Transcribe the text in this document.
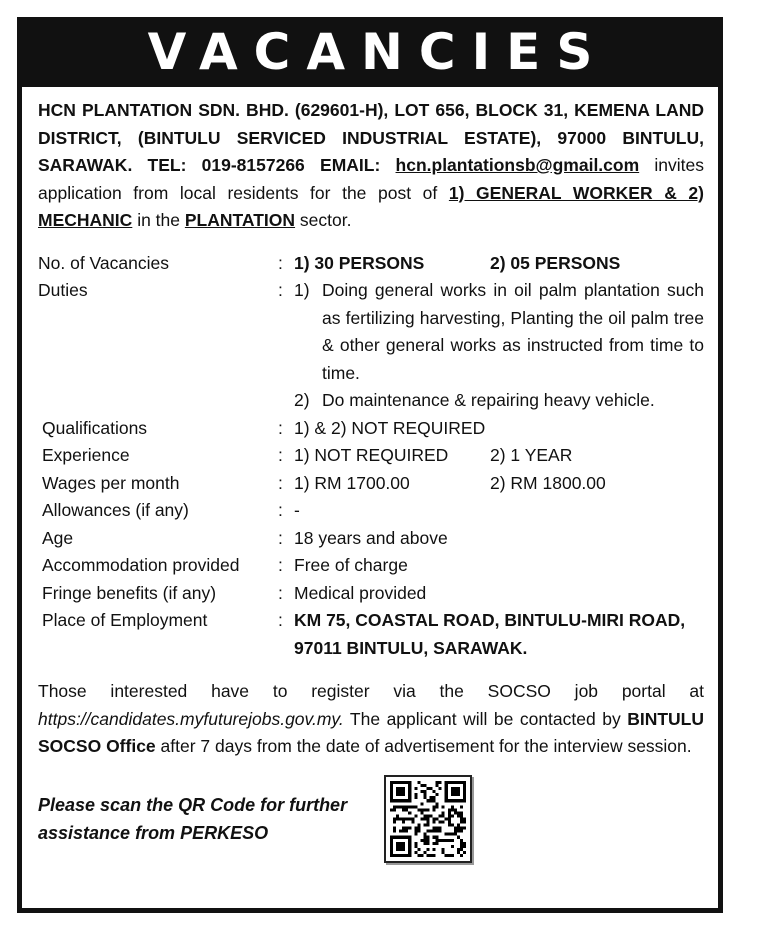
VACANCIES

HCN PLANTATION SDN. BHD. (629601-H), LOT 656, BLOCK 31, KEMENA LAND DISTRICT, (BINTULU SERVICED INDUSTRIAL ESTATE), 97000 BINTULU, SARAWAK. TEL: 019-8157266 EMAIL: hcn.plantationsb@gmail.com invites application from local residents for the post of 1) GENERAL WORKER & 2) MECHANIC in the PLANTATION sector.

No. of Vacancies	: 1) 30 PERSONS	2) 05 PERSONS
Duties	: 1) Doing general works in oil palm plantation such as fertilizing harvesting, Planting the oil palm tree & other general works as instructed from time to time.
2) Do maintenance & repairing heavy vehicle.
Qualifications	: 1) & 2) NOT REQUIRED
Experience	: 1) NOT REQUIRED 2) 1 YEAR
Wages per month	: 1) RM 1700.00	2) RM 1800.00
Allowances (if any)	: -
Age	: 18 years and above
Accommodation provided	: Free of charge
Fringe benefits (if any)	: Medical provided
Place of Employment	: KM 75, COASTAL ROAD, BINTULU-MIRI ROAD,
97011 BINTULU, SARAWAK.

Those interested have to register via the SOCSO job portal at https://candidates.myfuturejobs.gov.my. The applicant will be contacted by BINTULU SOCSO Office after 7 days from the date of advertisement for the interview session.

Please scan the QR Code for further assistance from PERKESO
